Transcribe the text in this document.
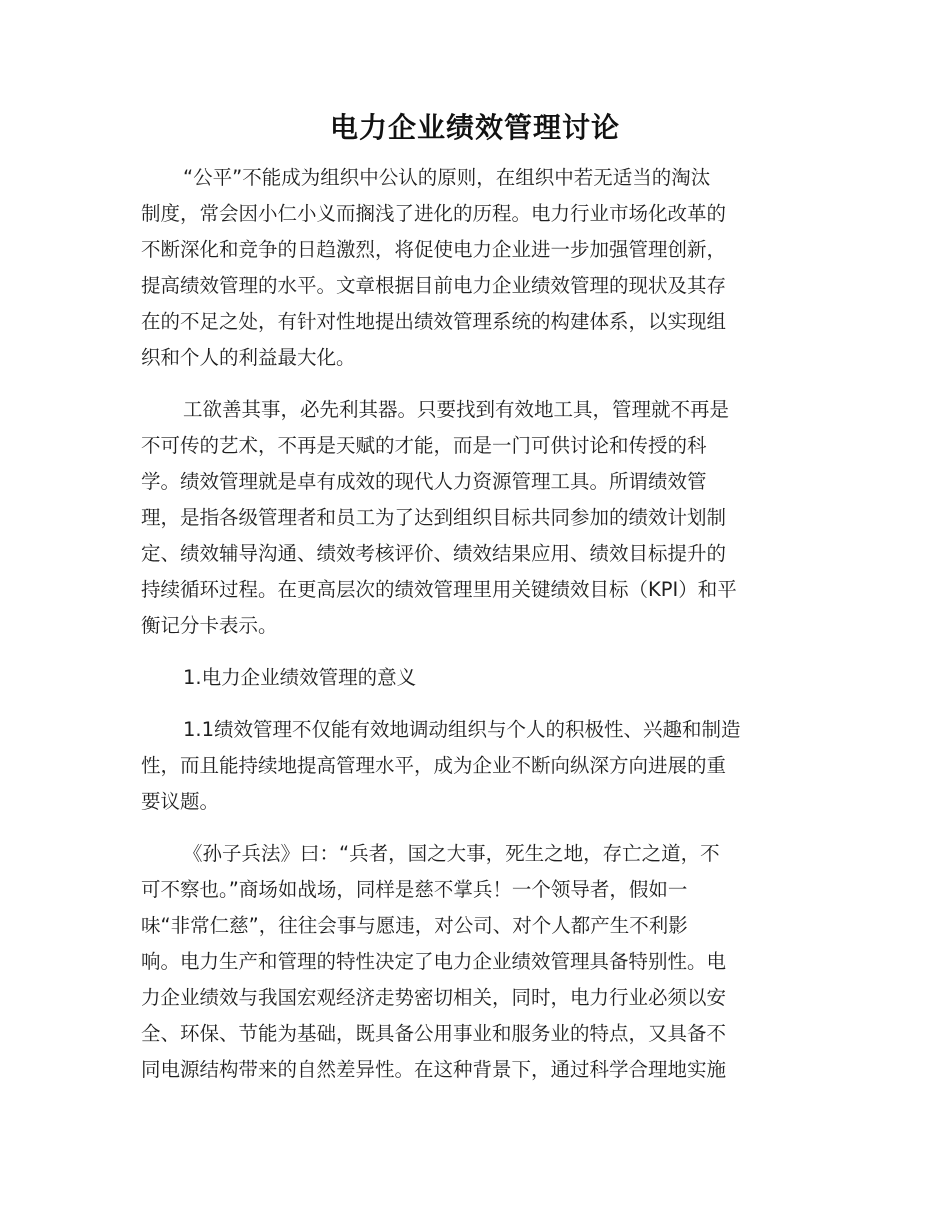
电力企业绩效管理讨论
“公平”不能成为组织中公认的原则，在组织中若无适当的淘汰
制度，常会因小仁小义而搁浅了进化的历程。电力行业市场化改革的
不断深化和竞争的日趋激烈，将促使电力企业进一步加强管理创新，
提高绩效管理的水平。文章根据目前电力企业绩效管理的现状及其存
在的不足之处，有针对性地提出绩效管理系统的构建体系，以实现组
织和个人的利益最大化。
工欲善其事，必先利其器。只要找到有效地工具，管理就不再是
不可传的艺术，不再是天赋的才能，而是一门可供讨论和传授的科
学。绩效管理就是卓有成效的现代人力资源管理工具。所谓绩效管
理，是指各级管理者和员工为了达到组织目标共同参加的绩效计划制
定、绩效辅导沟通、绩效考核评价、绩效结果应用、绩效目标提升的
持续循环过程。在更高层次的绩效管理里用关键绩效目标（KPI）和平
衡记分卡表示。
1.电力企业绩效管理的意义
1.1绩效管理不仅能有效地调动组织与个人的积极性、兴趣和制造
性，而且能持续地提高管理水平，成为企业不断向纵深方向进展的重
要议题。
《孙子兵法》曰：“兵者，国之大事，死生之地，存亡之道，不
可不察也。”商场如战场，同样是慈不掌兵！一个领导者，假如一
味“非常仁慈”，往往会事与愿违，对公司、对个人都产生不利影
响。电力生产和管理的特性决定了电力企业绩效管理具备特别性。电
力企业绩效与我国宏观经济走势密切相关，同时，电力行业必须以安
全、环保、节能为基础，既具备公用事业和服务业的特点，又具备不
同电源结构带来的自然差异性。在这种背景下，通过科学合理地实施
